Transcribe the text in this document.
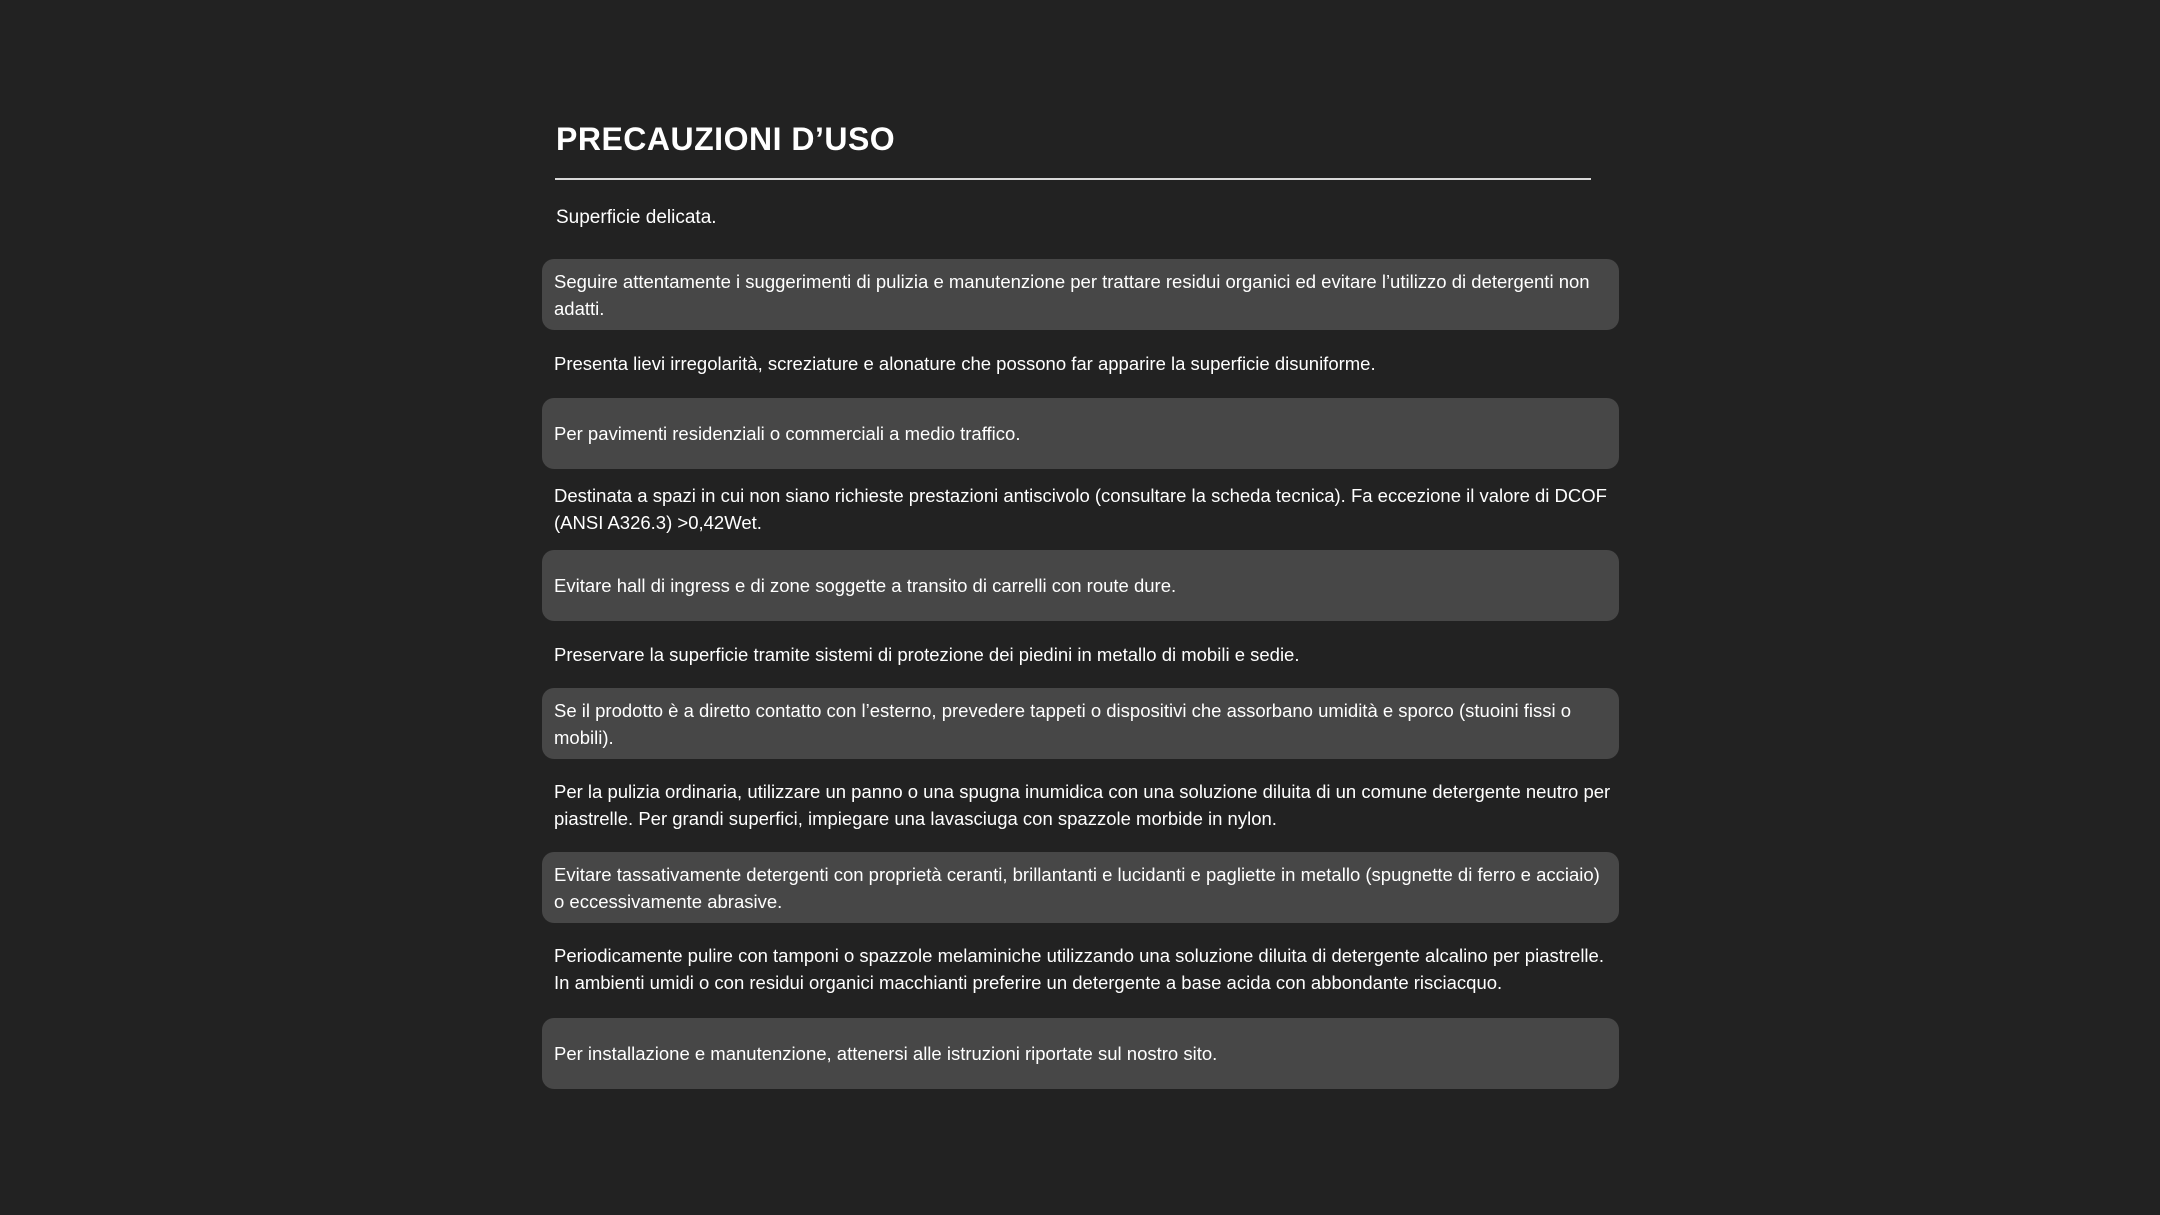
PRECAUZIONI D’USO

Superficie delicata.

Seguire attentamente i suggerimenti di pulizia e manutenzione per trattare residui organici ed evitare l’utilizzo di detergenti non adatti.
Presenta lievi irregolarità, screziature e alonature che possono far apparire la superficie disuniforme.
Per pavimenti residenziali o commerciali a medio traffico.
Destinata a spazi in cui non siano richieste prestazioni antiscivolo (consultare la scheda tecnica). Fa eccezione il valore di DCOF (ANSI A326.3) >0,42Wet.
Evitare hall di ingress e di zone soggette a transito di carrelli con route dure.
Preservare la superficie tramite sistemi di protezione dei piedini in metallo di mobili e sedie.
Se il prodotto è a diretto contatto con l’esterno, prevedere tappeti o dispositivi che assorbano umidità e sporco (stuoini fissi o mobili).
Per la pulizia ordinaria, utilizzare un panno o una spugna inumidica con una soluzione diluita di un comune detergente neutro per piastrelle. Per grandi superfici, impiegare una lavasciuga con spazzole morbide in nylon.
Evitare tassativamente detergenti con proprietà ceranti, brillantanti e lucidanti e pagliette in metallo (spugnette di ferro e acciaio) o eccessivamente abrasive.
Periodicamente pulire con tamponi o spazzole melaminiche utilizzando una soluzione diluita di detergente alcalino per piastrelle. In ambienti umidi o con residui organici macchianti preferire un detergente a base acida con abbondante risciacquo.
Per installazione e manutenzione, attenersi alle istruzioni riportate sul nostro sito.
